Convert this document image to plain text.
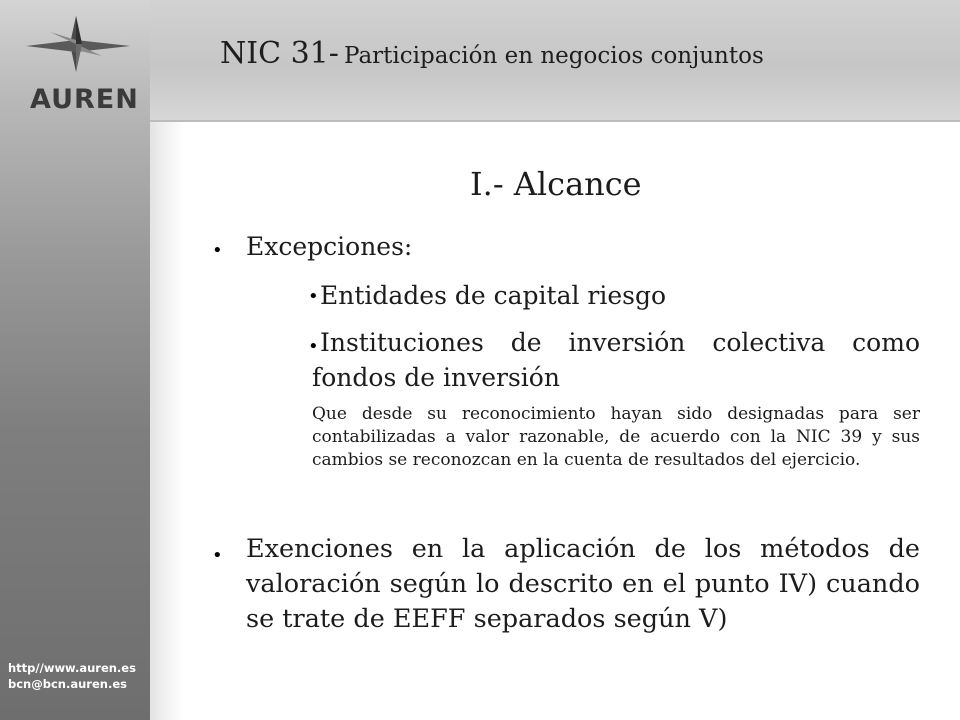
AUREN
NIC 31- Participación en negocios conjuntos
I.- Alcance
• Excepciones:
• Entidades de capital riesgo
• Instituciones de inversión colectiva como fondos de inversión
Que desde su reconocimiento hayan sido designadas para ser contabilizadas a valor razonable, de acuerdo con la NIC 39 y sus cambios se reconozcan en la cuenta de resultados del ejercicio.
• Exenciones en la aplicación de los métodos de valoración según lo descrito en el punto IV) cuando se trate de EEFF separados según V)
http//www.auren.es
bcn@bcn.auren.es
